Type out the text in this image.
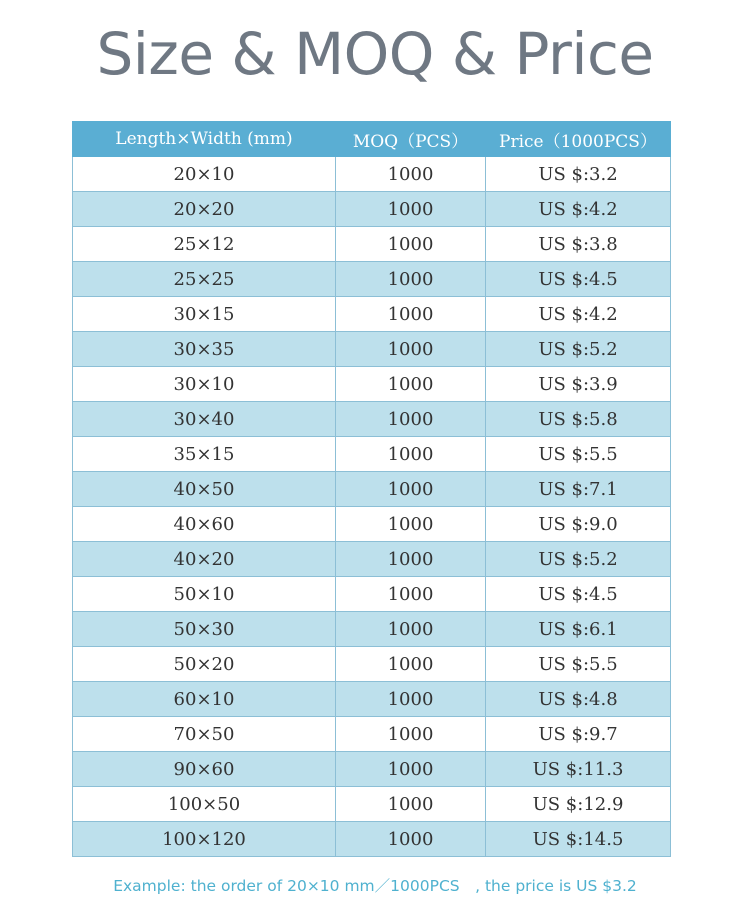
Size & MOQ & Price
Length×Width (mm)	MOQ（PCS）	Price（1000PCS）
20×10	1000	US $:3.2
20×20	1000	US $:4.2
25×12	1000	US $:3.8
25×25	1000	US $:4.5
30×15	1000	US $:4.2
30×35	1000	US $:5.2
30×10	1000	US $:3.9
30×40	1000	US $:5.8
35×15	1000	US $:5.5
40×50	1000	US $:7.1
40×60	1000	US $:9.0
40×20	1000	US $:5.2
50×10	1000	US $:4.5
50×30	1000	US $:6.1
50×20	1000	US $:5.5
60×10	1000	US $:4.8
70×50	1000	US $:9.7
90×60	1000	US $:11.3
100×50	1000	US $:12.9
100×120	1000	US $:14.5
Example: the order of 20×10 mm／1000PCS　, the price is US $3.2
